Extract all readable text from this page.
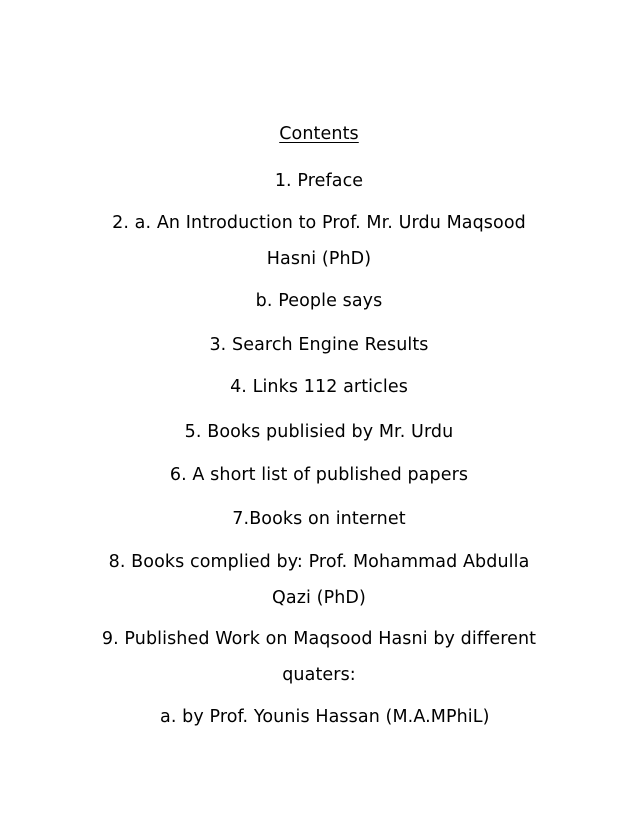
Contents
1. Preface
2. a. An Introduction to Prof. Mr. Urdu Maqsood
Hasni (PhD)
b. People says
3. Search Engine Results
4. Links 112 articles
5. Books publisied by Mr. Urdu
6. A short list of published papers
7.Books on internet
8. Books complied by: Prof. Mohammad Abdulla
Qazi (PhD)
9. Published Work on Maqsood Hasni by different
quaters:
a. by Prof. Younis Hassan (M.A.MPhiL)
